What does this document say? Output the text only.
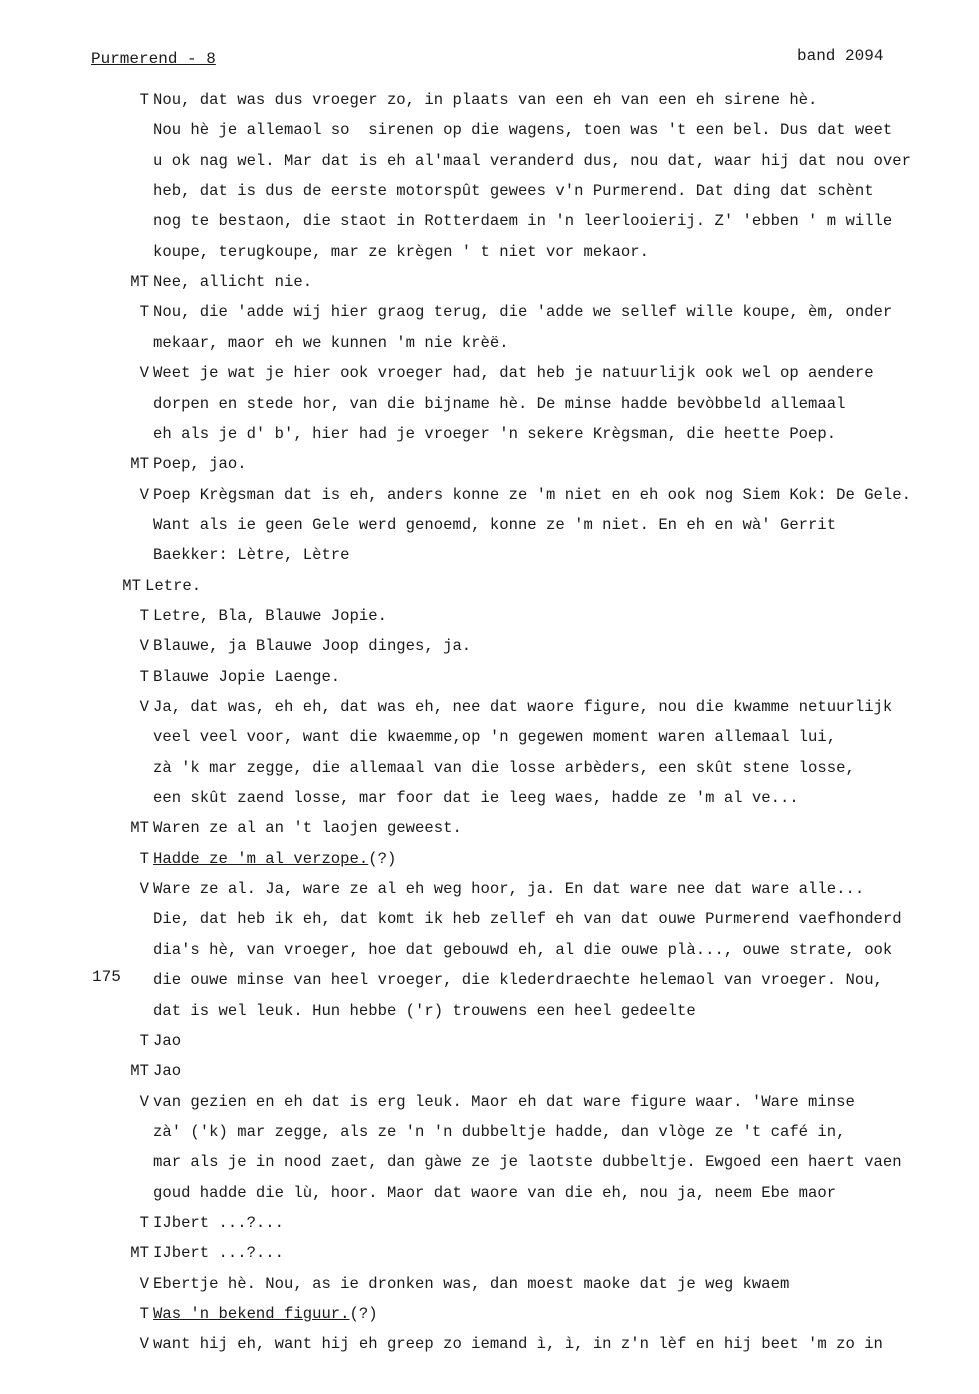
Purmerend - 8	band 2094
175
T Nou, dat was dus vroeger zo, in plaats van een eh van een eh sirene hè.
Nou hè je allemaol so  sirenen op die wagens, toen was 't een bel. Dus dat weet
u ok nag wel. Mar dat is eh al'maal veranderd dus, nou dat, waar hij dat nou over
heb, dat is dus de eerste motorspût gewees v'n Purmerend. Dat ding dat schènt
nog te bestaon, die staot in Rotterdaem in 'n leerlooierij. Z' 'ebben ' m wille
koupe, terugkoupe, mar ze krègen ' t niet vor mekaor.
MT Nee, allicht nie.
T Nou, die 'adde wij hier graog terug, die 'adde we sellef wille koupe, èm, onder
mekaar, maor eh we kunnen 'm nie krèë.
V Weet je wat je hier ook vroeger had, dat heb je natuurlijk ook wel op aendere
dorpen en stede hor, van die bijname hè. De minse hadde bevòbbeld allemaal
eh als je d' b', hier had je vroeger 'n sekere Krègsman, die heette Poep.
MT Poep, jao.
V Poep Krègsman dat is eh, anders konne ze 'm niet en eh ook nog Siem Kok: De Gele.
Want als ie geen Gele werd genoemd, konne ze 'm niet. En eh en wà' Gerrit
Baekker: Lètre, Lètre
MT Letre.
T Letre, Bla, Blauwe Jopie.
V Blauwe, ja Blauwe Joop dinges, ja.
T Blauwe Jopie Laenge.
V Ja, dat was, eh eh, dat was eh, nee dat waore figure, nou die kwamme netuurlijk
veel veel voor, want die kwaemme,op 'n gegewen moment waren allemaal lui,
zà 'k mar zegge, die allemaal van die losse arbèders, een skût stene losse,
een skût zaend losse, mar foor dat ie leeg waes, hadde ze 'm al ve...
MT Waren ze al an 't laojen geweest.
T Hadde ze 'm al verzope.(?)
V Ware ze al. Ja, ware ze al eh weg hoor, ja. En dat ware nee dat ware alle...
Die, dat heb ik eh, dat komt ik heb zellef eh van dat ouwe Purmerend vaefhonderd
dia's hè, van vroeger, hoe dat gebouwd eh, al die ouwe plà..., ouwe strate, ook
die ouwe minse van heel vroeger, die klederdraechte helemaol van vroeger. Nou,
dat is wel leuk. Hun hebbe ('r) trouwens een heel gedeelte
T Jao
MT Jao
V van gezien en eh dat is erg leuk. Maor eh dat ware figure waar. 'Ware minse
zà' ('k) mar zegge, als ze 'n 'n dubbeltje hadde, dan vlòge ze 't café in,
mar als je in nood zaet, dan gàwe ze je laotste dubbeltje. Ewgoed een haert vaen
goud hadde die lù, hoor. Maor dat waore van die eh, nou ja, neem Ebe maor
T IJbert ...?...
MT IJbert ...?...
V Ebertje hè. Nou, as ie dronken was, dan moest maoke dat je weg kwaem
T Was 'n bekend figuur.(?)
V want hij eh, want hij eh greep zo iemand ì, ì, in z'n lèf en hij beet 'm zo in
